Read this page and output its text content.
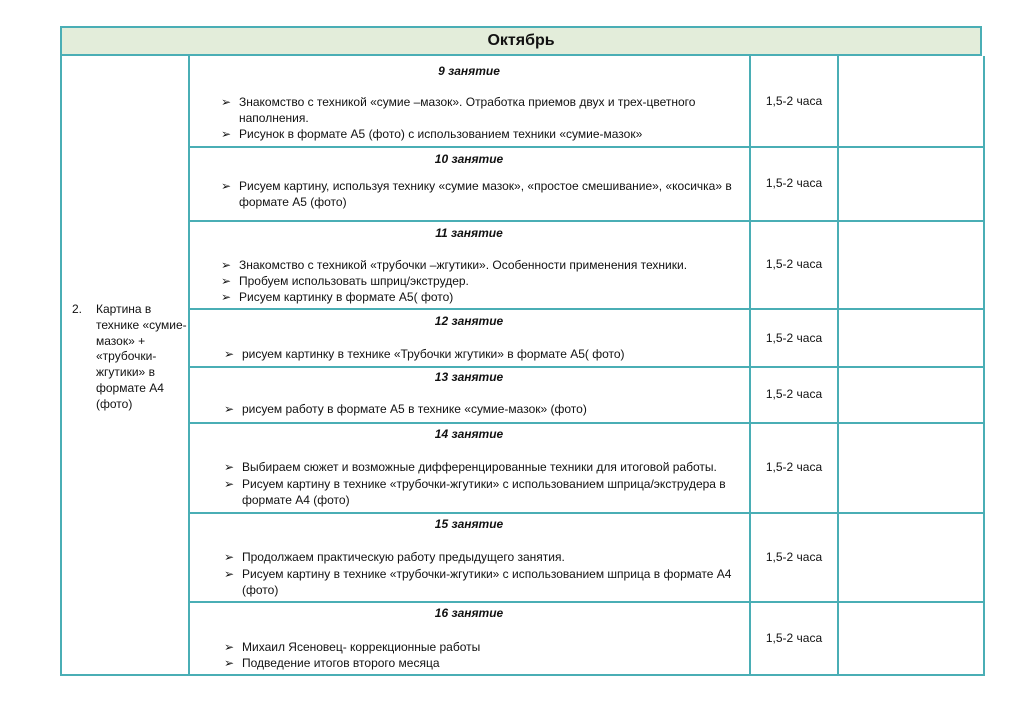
Октябрь
2. Картина в технике «сумие-мазок» + «трубочки-жгутики» в формате А4 (фото)
9 занятие
➢ Знакомство с техникой «сумие –мазок». Отработка приемов двух и трех-цветного наполнения.
➢ Рисунок в формате А5 (фото) с использованием техники «сумие-мазок»
1,5-2 часа
10 занятие
➢ Рисуем картину, используя технику «сумие мазок», «простое смешивание», «косичка» в формате А5 (фото)
1,5-2 часа
11 занятие
➢ Знакомство с техникой «трубочки –жгутики». Особенности применения техники.
➢ Пробуем использовать шприц/экструдер.
➢ Рисуем картинку в формате А5( фото)
1,5-2 часа
12 занятие
➢ рисуем картинку в технике «Трубочки жгутики» в формате А5( фото)
1,5-2 часа
13 занятие
➢ рисуем работу в формате А5 в технике «сумие-мазок» (фото)
1,5-2 часа
14 занятие
➢ Выбираем сюжет и возможные дифференцированные техники для итоговой работы.
➢ Рисуем картину в технике «трубочки-жгутики» с использованием шприца/экструдера в формате А4 (фото)
1,5-2 часа
15 занятие
➢ Продолжаем практическую работу предыдущего занятия.
➢ Рисуем картину в технике «трубочки-жгутики» с использованием шприца в формате А4 (фото)
1,5-2 часа
16 занятие
➢ Михаил Ясеновец- коррекционные работы
➢ Подведение итогов второго месяца
1,5-2 часа
